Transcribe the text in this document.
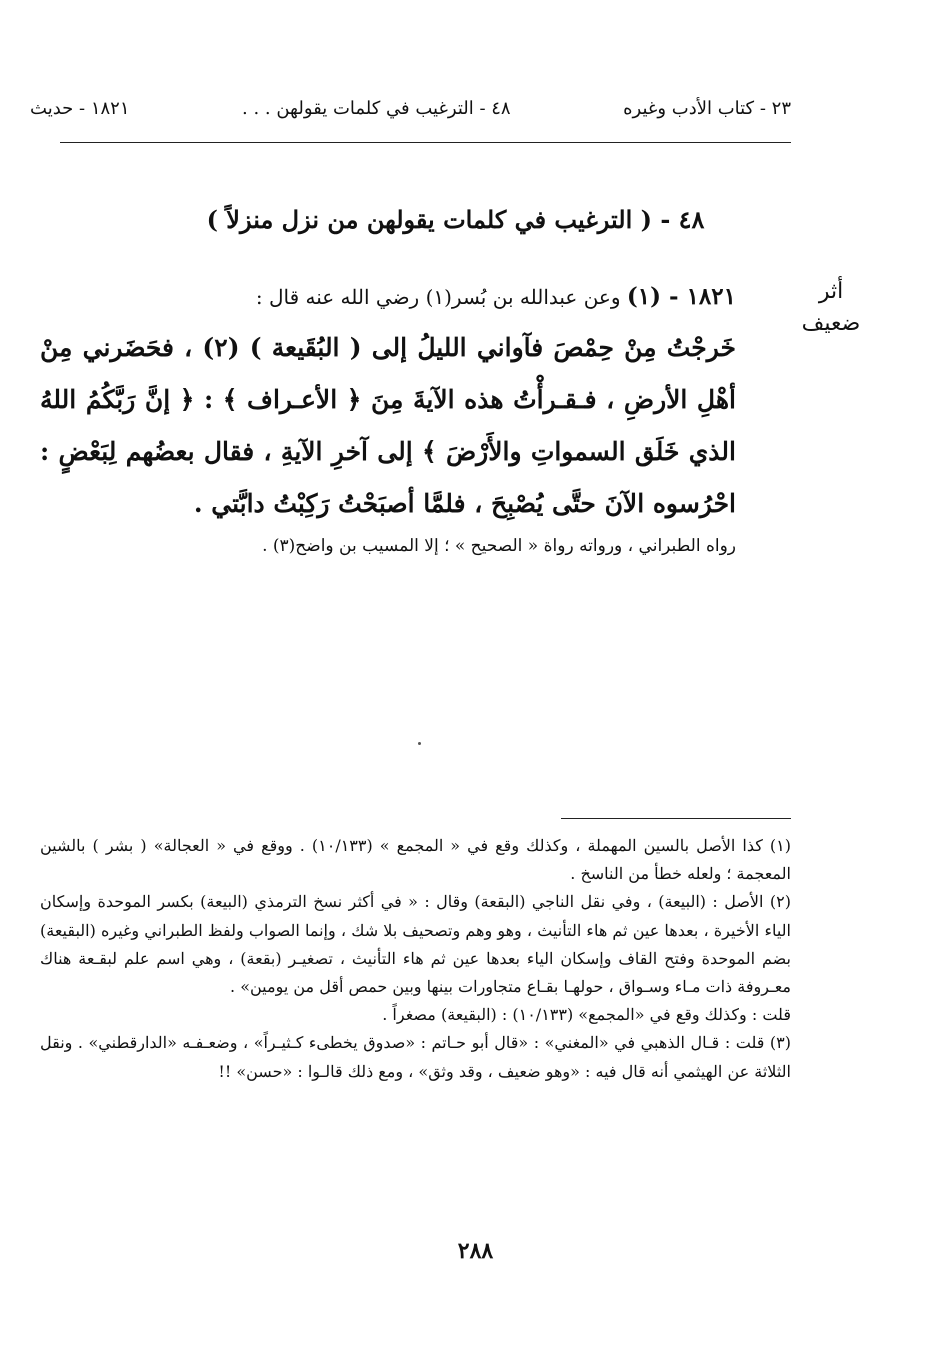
٢٣ - كتاب الأدب وغيره
٤٨ - الترغيب في كلمات يقولهن . . .
١٨٢١ - حديث
٤٨ - ( الترغيب في كلمات يقولهن من نزل منزلاً )
أثر
ضعيف
١٨٢١ - (١) وعن عبدالله بن بُسر(١) رضي الله عنه قال :

خَرجْتُ مِنْ حِمْصَ فآواني الليلُ إلى ( البُقَيعة ) (٢) ، فحَضَرني مِنْ أهْلِ الأرضِ ، فـقـرأْتُ هذه الآيةَ مِنَ ﴿ الأعـراف ﴾ : ﴿ إنَّ رَبَّكُمُ اللهُ الذي خَلَق السمواتِ والأَرْضَ ﴾ إلى آخرِ الآيةِ ، فقال بعضُهم لِبَعْضٍ : احْرُسوه الآنَ حتَّى يُصْبِحَ ، فلمَّا أصبَحْتُ رَكِبْتُ دابَّتي .

رواه الطبراني ، ورواته رواة « الصحيح » ؛ إلا المسيب بن واضح(٣) .

(١) كذا الأصل بالسين المهملة ، وكذلك وقع في « المجمع » (١٠/١٣٣) . ووقع في « العجالة» ( بشر ) بالشين المعجمة ؛ ولعله خطأ من الناسخ .

(٢) الأصل : (البيعة) ، وفي نقل الناجي (البقعة) وقال : « في أكثر نسخ الترمذي (البيعة) بكسر الموحدة وإسكان الياء الأخيرة ، بعدها عين ثم هاء التأنيث ، وهو وهم وتصحيف بلا شك ، وإنما الصواب ولفظ الطبراني وغيره (البقيعة) بضم الموحدة وفتح القاف وإسكان الياء بعدها عين ثم هاء التأنيث ، تصغيـر (بقعة) ، وهي اسم علم لبقـعة هناك معـروفة ذات مـاء وسـواق ، حولهـا بقـاع متجاورات بينها وبين حمص أقل من يومين» .

قلت : وكذلك وقع في «المجمع» (١٠/١٣٣) : (البقيعة) مصغراً .

(٣) قلت : قـال الذهبي في «المغني» : «قال أبو حـاتم : «صدوق يخطىء كـثيـراً» ، وضعـفـه «الدارقطني» . ونقل الثلاثة عن الهيثمي أنه قال فيه : «وهو ضعيف ، وقد وثق» ، ومع ذلك قالـوا : «حسن» !!

٢٨٨
